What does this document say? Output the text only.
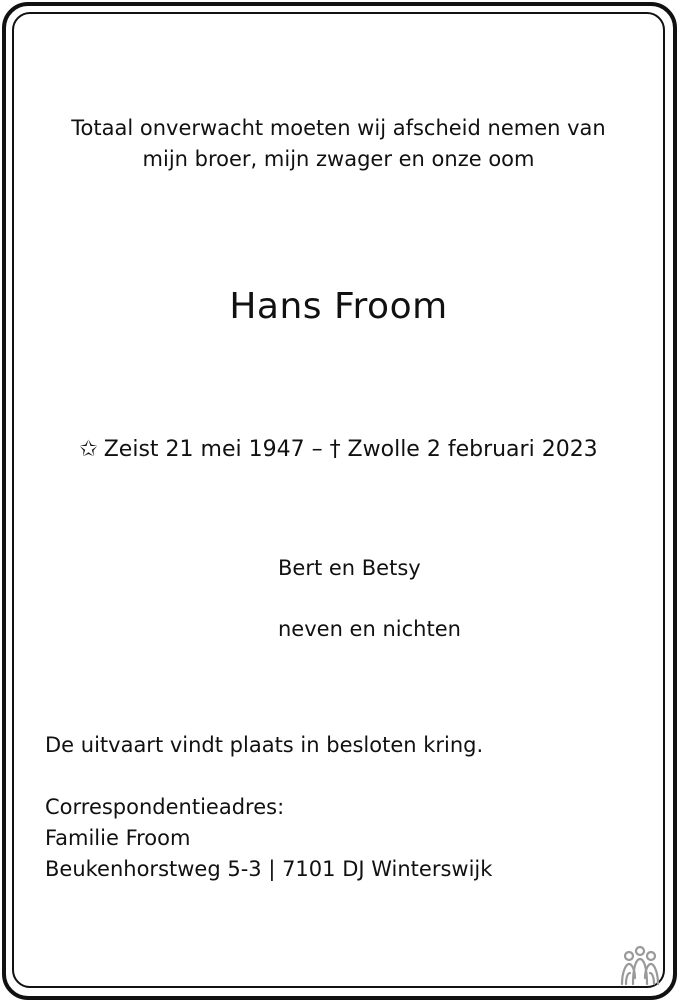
Totaal onverwacht moeten wij afscheid nemen van
mijn broer, mijn zwager en onze oom

Hans Froom

✩ Zeist 21 mei 1947 – † Zwolle 2 februari 2023

Bert en Betsy
neven en nichten

De uitvaart vindt plaats in besloten kring.

Correspondentieadres:
Familie Froom
Beukenhorstweg 5-3 | 7101 DJ Winterswijk
